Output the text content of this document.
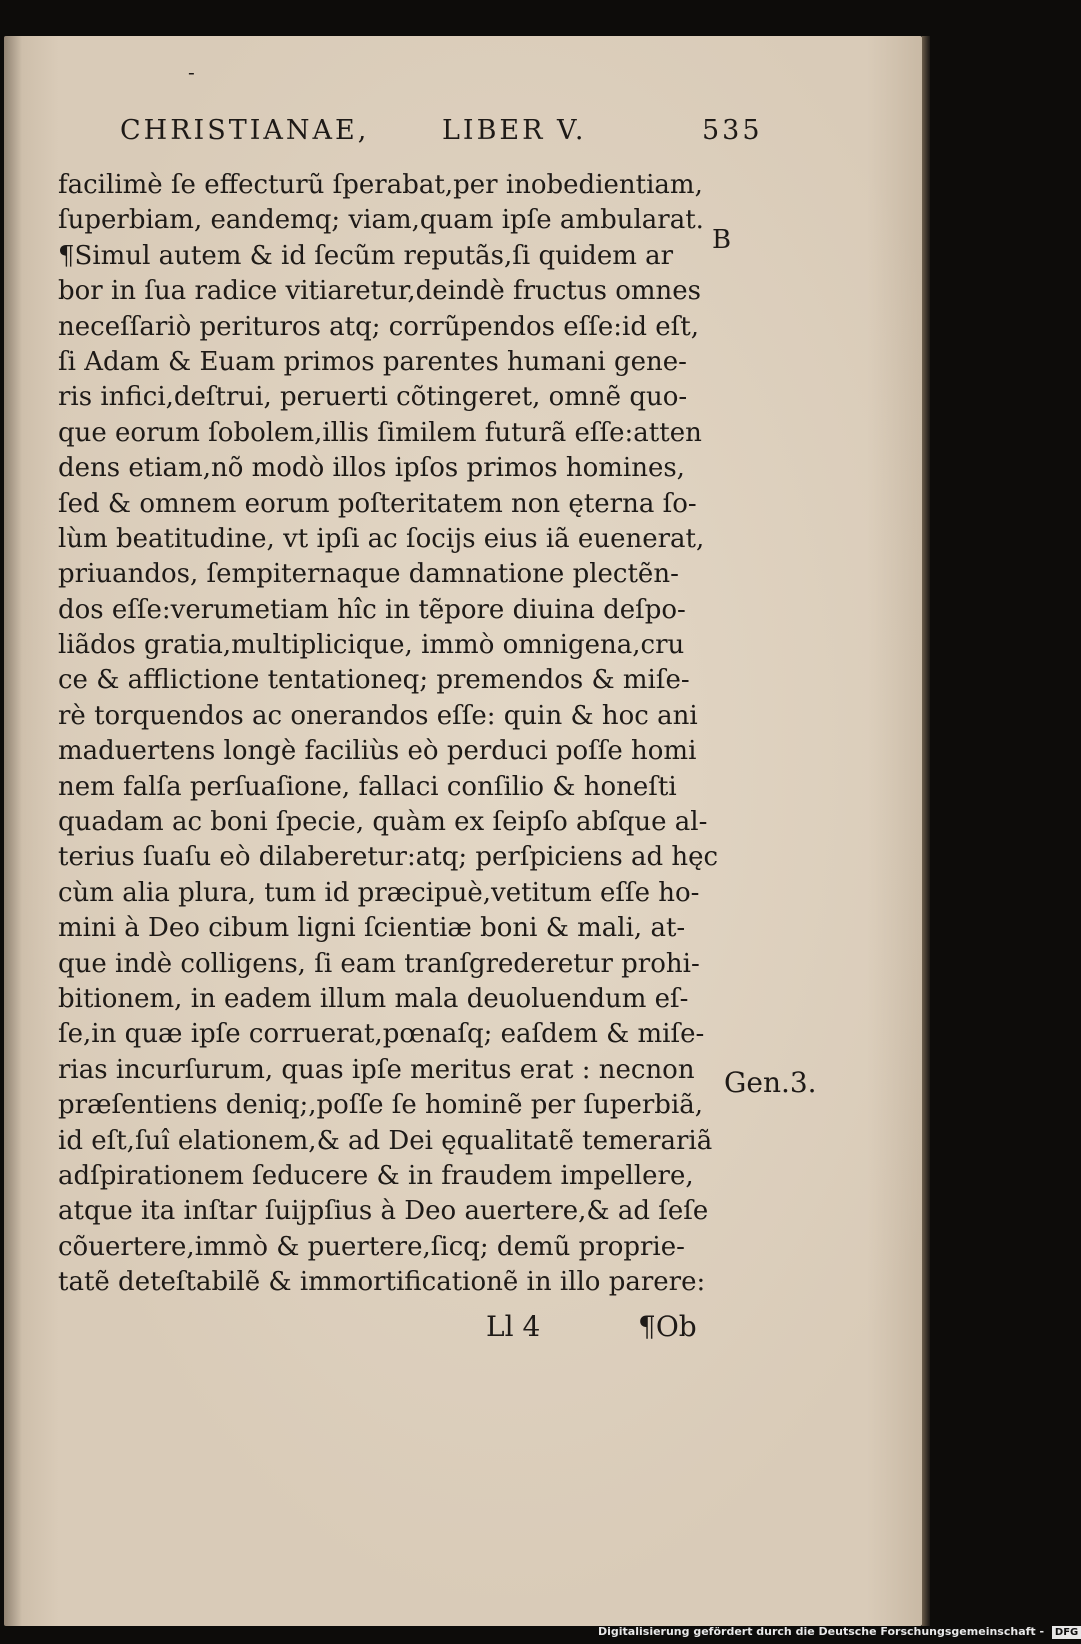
-
CHRISTIANAE,	LIBER V.	535
facilimè ſe effecturũ ſperabat,per inobedientiam,
ſuperbiam, eandemq; viam,quam ipſe ambularat.
¶Simul autem & id ſecũm reputãs,ſi quidem ar
bor in ſua radice vitiaretur,deindè fructus omnes
neceſſariò perituros atq; corrũpendos eſſe:id eſt,
ſi Adam & Euam primos parentes humani gene-
ris infici,deſtrui, peruerti cõtingeret, omnẽ quo-
que eorum ſobolem,illis ſimilem futurã eſſe:atten
dens etiam,nõ modò illos ipſos primos homines,
ſed & omnem eorum poſteritatem non ęterna ſo-
lùm beatitudine, vt ipſi ac ſocijs eius iã euenerat,
priuandos, ſempiternaque damnatione plectẽn-
dos eſſe:verumetiam hîc in tẽpore diuina deſpo-
liãdos gratia,multiplicique, immò omnigena,cru
ce & afflictione tentationeq; premendos & miſe-
rè torquendos ac onerandos eſſe: quin & hoc ani
maduertens longè faciliùs eò perduci poſſe homi
nem falſa perſuaſione, fallaci conſilio & honeſti
quadam ac boni ſpecie, quàm ex ſeipſo abſque al-
terius ſuaſu eò dilaberetur:atq; perſpiciens ad hęc
cùm alia plura, tum id præcipuè,vetitum eſſe ho-
mini à Deo cibum ligni ſcientiæ boni & mali, at-
que indè colligens, ſi eam tranſgrederetur prohi-
bitionem, in eadem illum mala deuoluendum eſ-
ſe,in quæ ipſe corruerat,pœnaſq; eaſdem & miſe-
rias incurſurum, quas ipſe meritus erat : necnon
præſentiens deniq;,poſſe ſe hominẽ per ſuperbiã,
id eſt,ſuî elationem,& ad Dei ęqualitatẽ temerariã
adſpirationem ſeducere & in fraudem impellere,
atque ita inſtar ſuijpſius à Deo auertere,& ad ſeſe
cõuertere,immò & puertere,ſicq; demũ proprie-
tatẽ deteſtabilẽ & immortificationẽ in illo parere:
B
Gen.3.
Ll 4	¶Ob
Digitalisierung gefördert durch die Deutsche Forschungsgemeinschaft - DFG
